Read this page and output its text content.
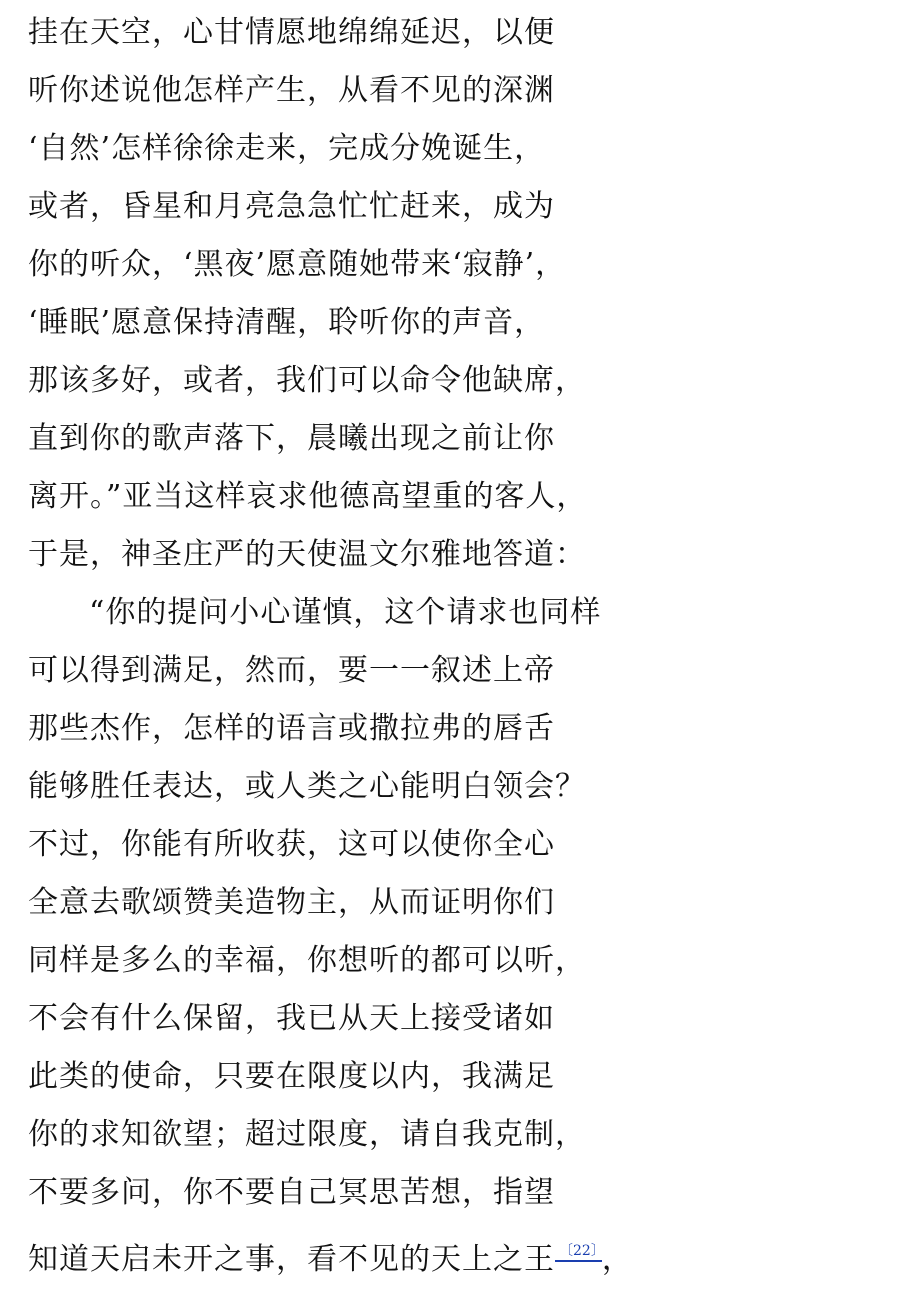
挂在天空，心甘情愿地绵绵延迟，以便
听你述说他怎样产生，从看不见的深渊
‘自然’怎样徐徐走来，完成分娩诞生，
或者，昏星和月亮急急忙忙赶来，成为
你的听众，‘黑夜’愿意随她带来‘寂静’，
‘睡眠’愿意保持清醒，聆听你的声音，
那该多好，或者，我们可以命令他缺席，
直到你的歌声落下，晨曦出现之前让你
离开。”亚当这样哀求他德高望重的客人，
于是，神圣庄严的天使温文尔雅地答道：
“你的提问小心谨慎，这个请求也同样
可以得到满足，然而，要一一叙述上帝
那些杰作，怎样的语言或撒拉弗的唇舌
能够胜任表达，或人类之心能明白领会？
不过，你能有所收获，这可以使你全心
全意去歌颂赞美造物主，从而证明你们
同样是多么的幸福，你想听的都可以听，
不会有什么保留，我已从天上接受诸如
此类的使命，只要在限度以内，我满足
你的求知欲望；超过限度，请自我克制，
不要多问，你不要自己冥思苦想，指望
知道天启未开之事，看不见的天上之王 $^{〔22〕}$ ，
